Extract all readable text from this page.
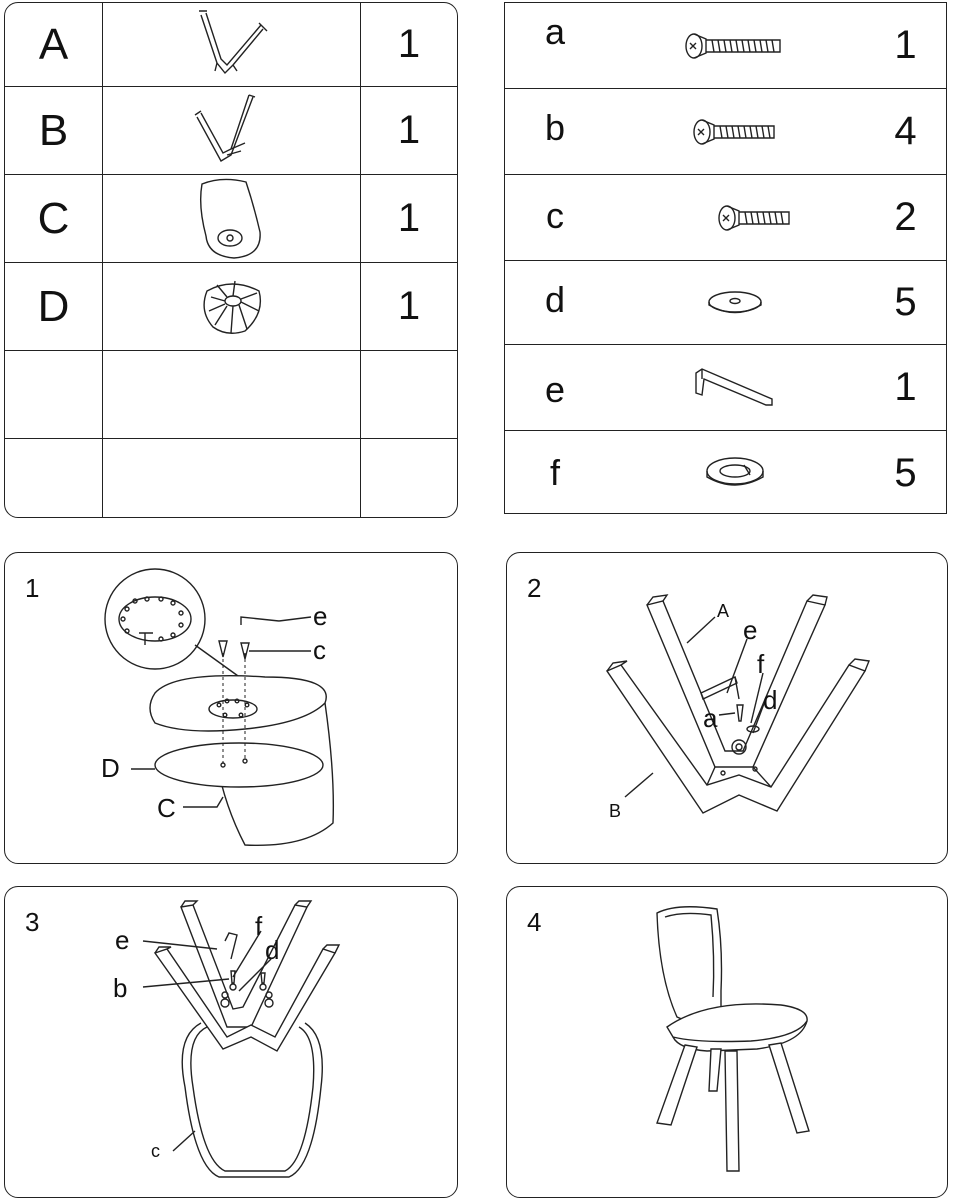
A	1
B	1
C	1
D	1
a	1
b	4
c	2
d	5
e	1
f	5
1
e
c
D
C
2
A
e
f
a
d
B
3
e	f
d
b
c
4
